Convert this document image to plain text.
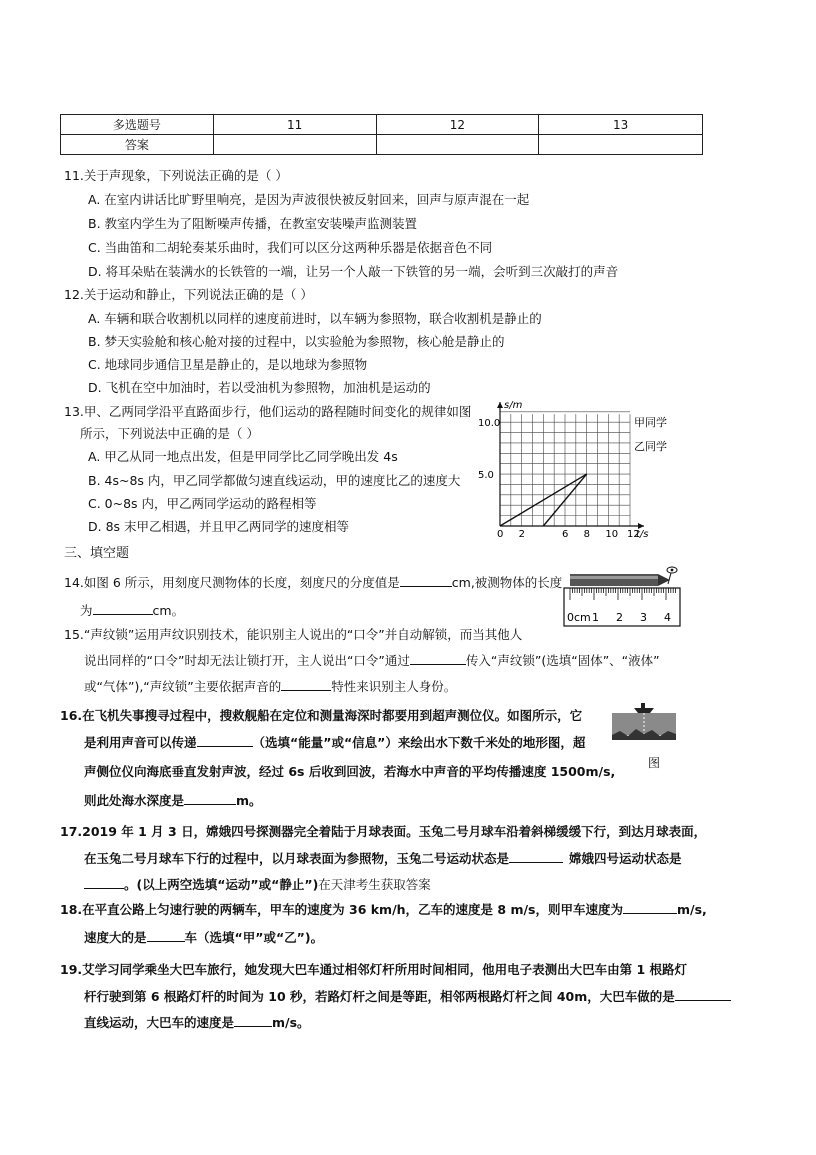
多选题号	11	12	13
答案			
11.关于声现象，下列说法正确的是（ ）
A. 在室内讲话比旷野里响亮，是因为声波很快被反射回来，回声与原声混在一起
B. 教室内学生为了阻断噪声传播，在教室安装噪声监测装置
C. 当曲笛和二胡轮奏某乐曲时，我们可以区分这两种乐器是依据音色不同
D. 将耳朵贴在装满水的长铁管的一端，让另一个人敲一下铁管的另一端，会听到三次敲打的声音
12.关于运动和静止，下列说法正确的是（ ）
A. 车辆和联合收割机以同样的速度前进时，以车辆为参照物，联合收割机是静止的
B. 梦天实验舱和核心舱对接的过程中，以实验舱为参照物，核心舱是静止的
C. 地球同步通信卫星是静止的，是以地球为参照物
D. 飞机在空中加油时，若以受油机为参照物，加油机是运动的
13.甲、乙两同学沿平直路面步行，他们运动的路程随时间变化的规律如图
所示，下列说法中正确的是（ ）
A. 甲乙从同一地点出发，但是甲同学比乙同学晚出发 4s
B. 4s~8s 内，甲乙同学都做匀速直线运动，甲的速度比乙的速度大
C. 0~8s 内，甲乙两同学运动的路程相等
D. 8s 末甲乙相遇，并且甲乙两同学的速度相等
0 2	6 8 10 12
5.0
10.0
s/m
t/s
甲同学
乙同学
三、填空题
14.如图 6 所示，用刻度尺测物体的长度，刻度尺的分度值是	cm,被测物体的长度
为	cm。	0cm 1 2 3 4
15.“声纹锁”运用声纹识别技术，能识别主人说出的“口令”并自动解锁，而当其他人
说出同样的“口令”时却无法让锁打开，主人说出“口令”通过	传入“声纹锁”(选填“固体”、“液体”
或“气体”),“声纹锁”主要依据声音的	特性来识别主人身份。
16.在飞机失事搜寻过程中，搜救舰船在定位和测量海深时都要用到超声测位仪。如图所示，它
是利用声音可以传递	（选填“能量”或“信息”）来绘出水下数千米处的地形图，超
声侧位仪向海底垂直发射声波，经过 6s 后收到回波，若海水中声音的平均传播速度 1500m/s,
则此处海水深度是	m。
图
17.2019 年 1 月 3 日，嫦娥四号探测器完全着陆于月球表面。玉兔二号月球车沿着斜梯缓缓下行，到达月球表面，
在玉兔二号月球车下行的过程中，以月球表面为参照物，玉兔二号运动状态是	嫦娥四号运动状态是
。(以上两空选填“运动”或“静止”)在天津考生获取答案
18.在平直公路上匀速行驶的两辆车，甲车的速度为 36 km/h，乙车的速度是 8 m/s，则甲车速度为	m/s,
速度大的是	车（选填“甲”或“乙”)。
19.艾学习同学乘坐大巴车旅行，她发现大巴车通过相邻灯杆所用时间相同，他用电子表测出大巴车由第 1 根路灯
杆行驶到第 6 根路灯杆的时间为 10 秒，若路灯杆之间是等距，相邻两根路灯杆之间 40m，大巴车做的是
直线运动，大巴车的速度是	m/s。
